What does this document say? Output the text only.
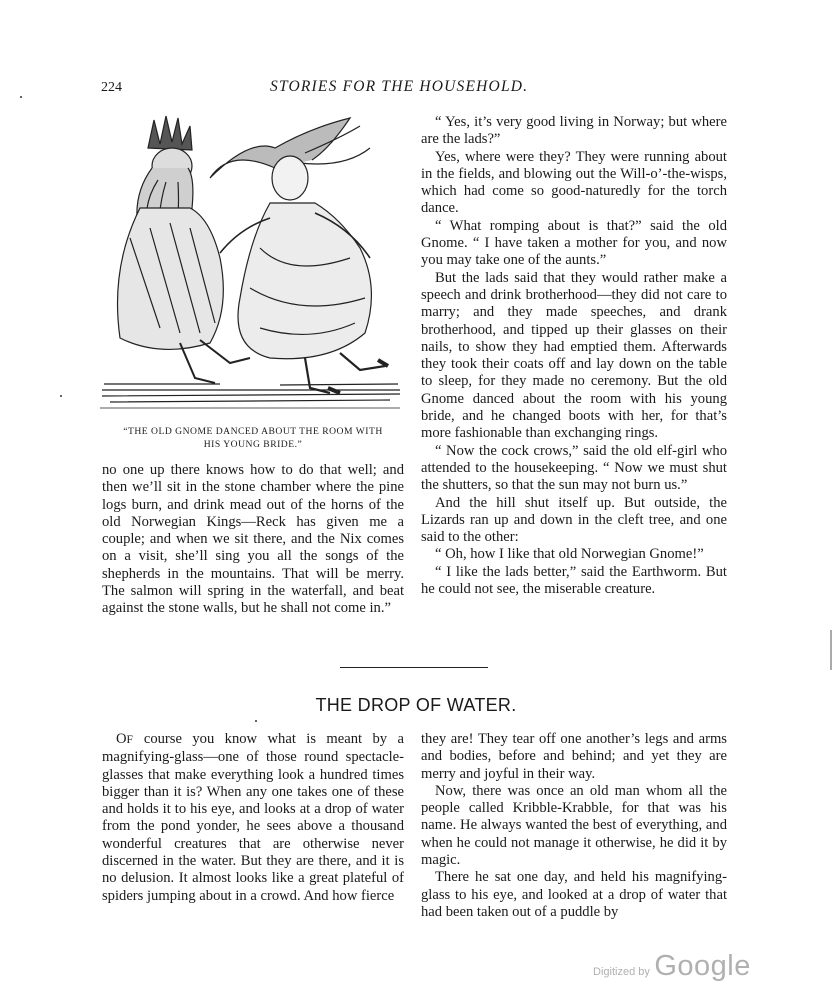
224	STORIES FOR THE HOUSEHOLD.
“THE OLD GNOME DANCED ABOUT THE ROOM WITH
HIS YOUNG BRIDE.”

no one up there knows how to do that well; and then we’ll sit in the stone chamber where the pine logs burn, and drink mead out of the horns of the old Norwegian Kings—Reck has given me a couple; and when we sit there, and the Nix comes on a visit, she’ll sing you all the songs of the shepherds in the mountains. That will be merry. The salmon will spring in the waterfall, and beat against the stone walls, but he shall not come in.”

“ Yes, it’s very good living in Norway; but where are the lads?”

Yes, where were they? They were running about in the fields, and blowing out the Will-o’-the-wisps, which had come so good-naturedly for the torch dance.

“ What romping about is that?” said the old Gnome. “ I have taken a mother for you, and now you may take one of the aunts.”

But the lads said that they would rather make a speech and drink brotherhood—they did not care to marry; and they made speeches, and drank brotherhood, and tipped up their glasses on their nails, to show they had emptied them. Afterwards they took their coats off and lay down on the table to sleep, for they made no ceremony. But the old Gnome danced about the room with his young bride, and he changed boots with her, for that’s more fashionable than exchanging rings.

“ Now the cock crows,” said the old elf-girl who attended to the housekeeping. “ Now we must shut the shutters, so that the sun may not burn us.”

And the hill shut itself up. But outside, the Lizards ran up and down in the cleft tree, and one said to the other:

“ Oh, how I like that old Norwegian Gnome!”

“ I like the lads better,” said the Earthworm. But he could not see, the miserable creature.

THE DROP OF WATER.

OF course you know what is meant by a magnifying-glass—one of those round spectacle-glasses that make everything look a hundred times bigger than it is? When any one takes one of these and holds it to his eye, and looks at a drop of water from the pond yonder, he sees above a thousand wonderful creatures that are otherwise never discerned in the water. But they are there, and it is no delusion. It almost looks like a great plateful of spiders jumping about in a crowd. And how fierce

they are! They tear off one another’s legs and arms and bodies, before and behind; and yet they are merry and joyful in their way.

Now, there was once an old man whom all the people called Kribble-Krabble, for that was his name. He always wanted the best of everything, and when he could not manage it otherwise, he did it by magic.

There he sat one day, and held his magnifying-glass to his eye, and looked at a drop of water that had been taken out of a puddle by

Digitized by Google
